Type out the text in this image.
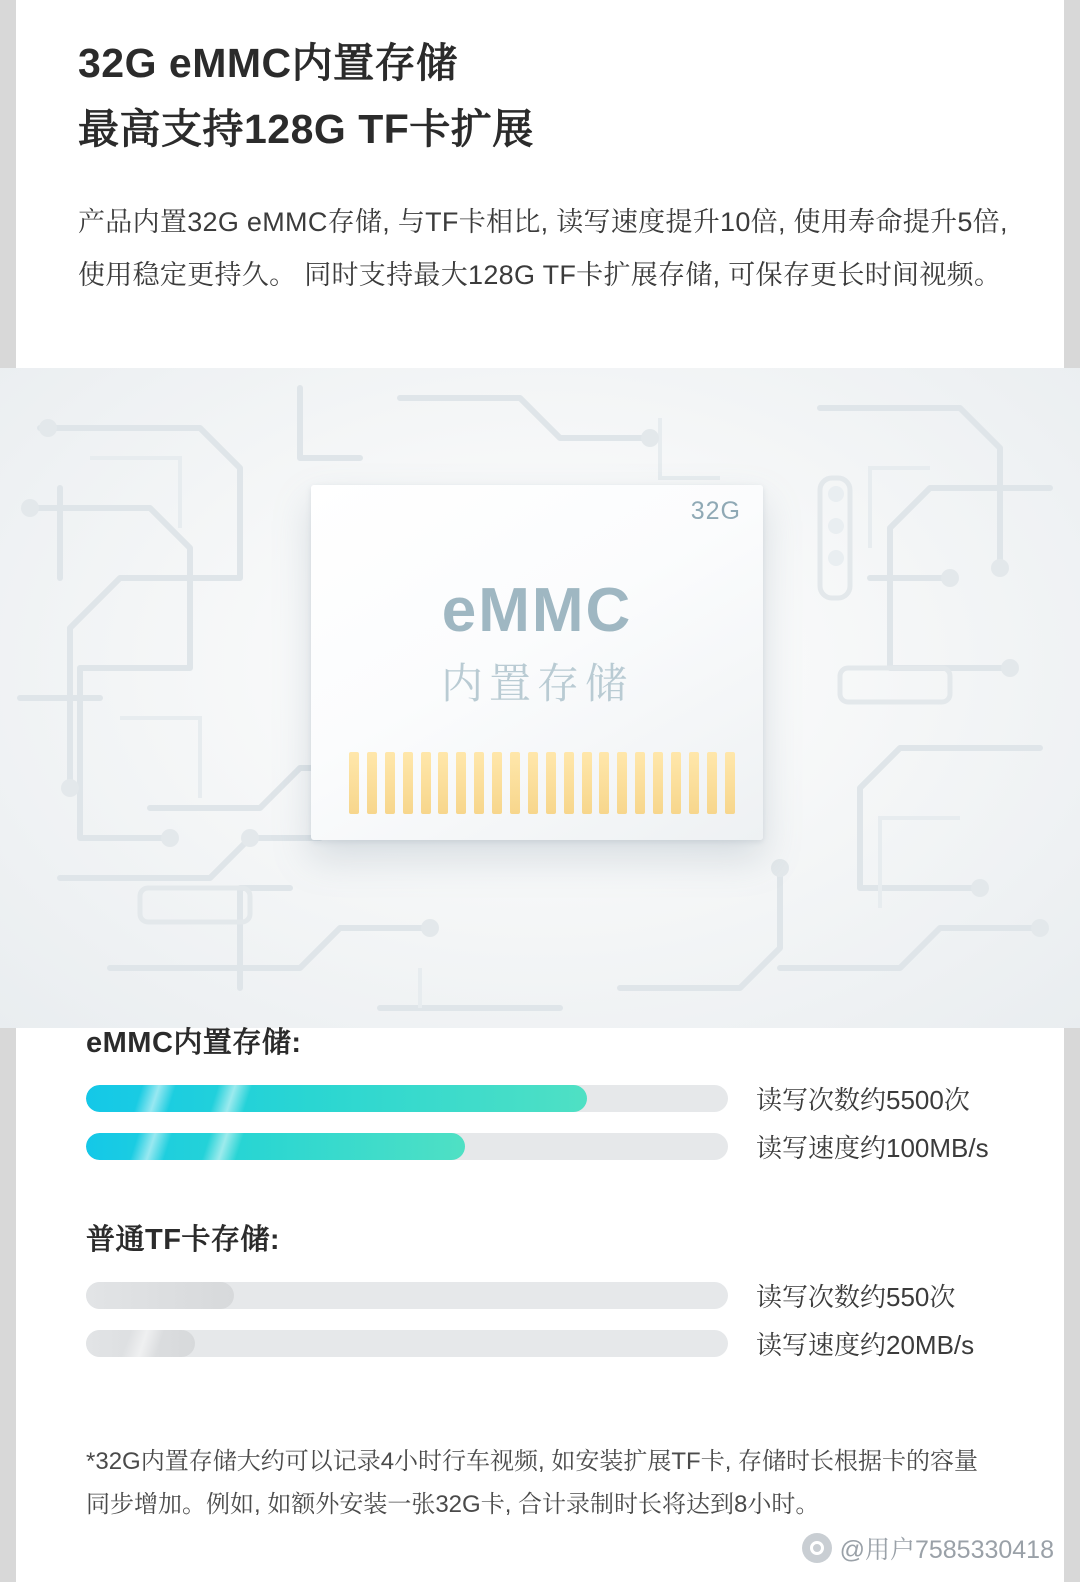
32G eMMC内置存储
最高支持128G TF卡扩展
产品内置32G eMMC存储, 与TF卡相比, 读写速度提升10倍, 使用寿命提升5倍, 使用稳定更持久。 同时支持最大128G TF卡扩展存储, 可保存更长时间视频。
32G
eMMC
内置存储
eMMC内置存储:
读写次数约5500次
读写速度约100MB/s
普通TF卡存储:
读写次数约550次
读写速度约20MB/s
*32G内置存储大约可以记录4小时行车视频, 如安装扩展TF卡, 存储时长根据卡的容量同步增加。例如, 如额外安装一张32G卡, 合计录制时长将达到8小时。
@用户7585330418
